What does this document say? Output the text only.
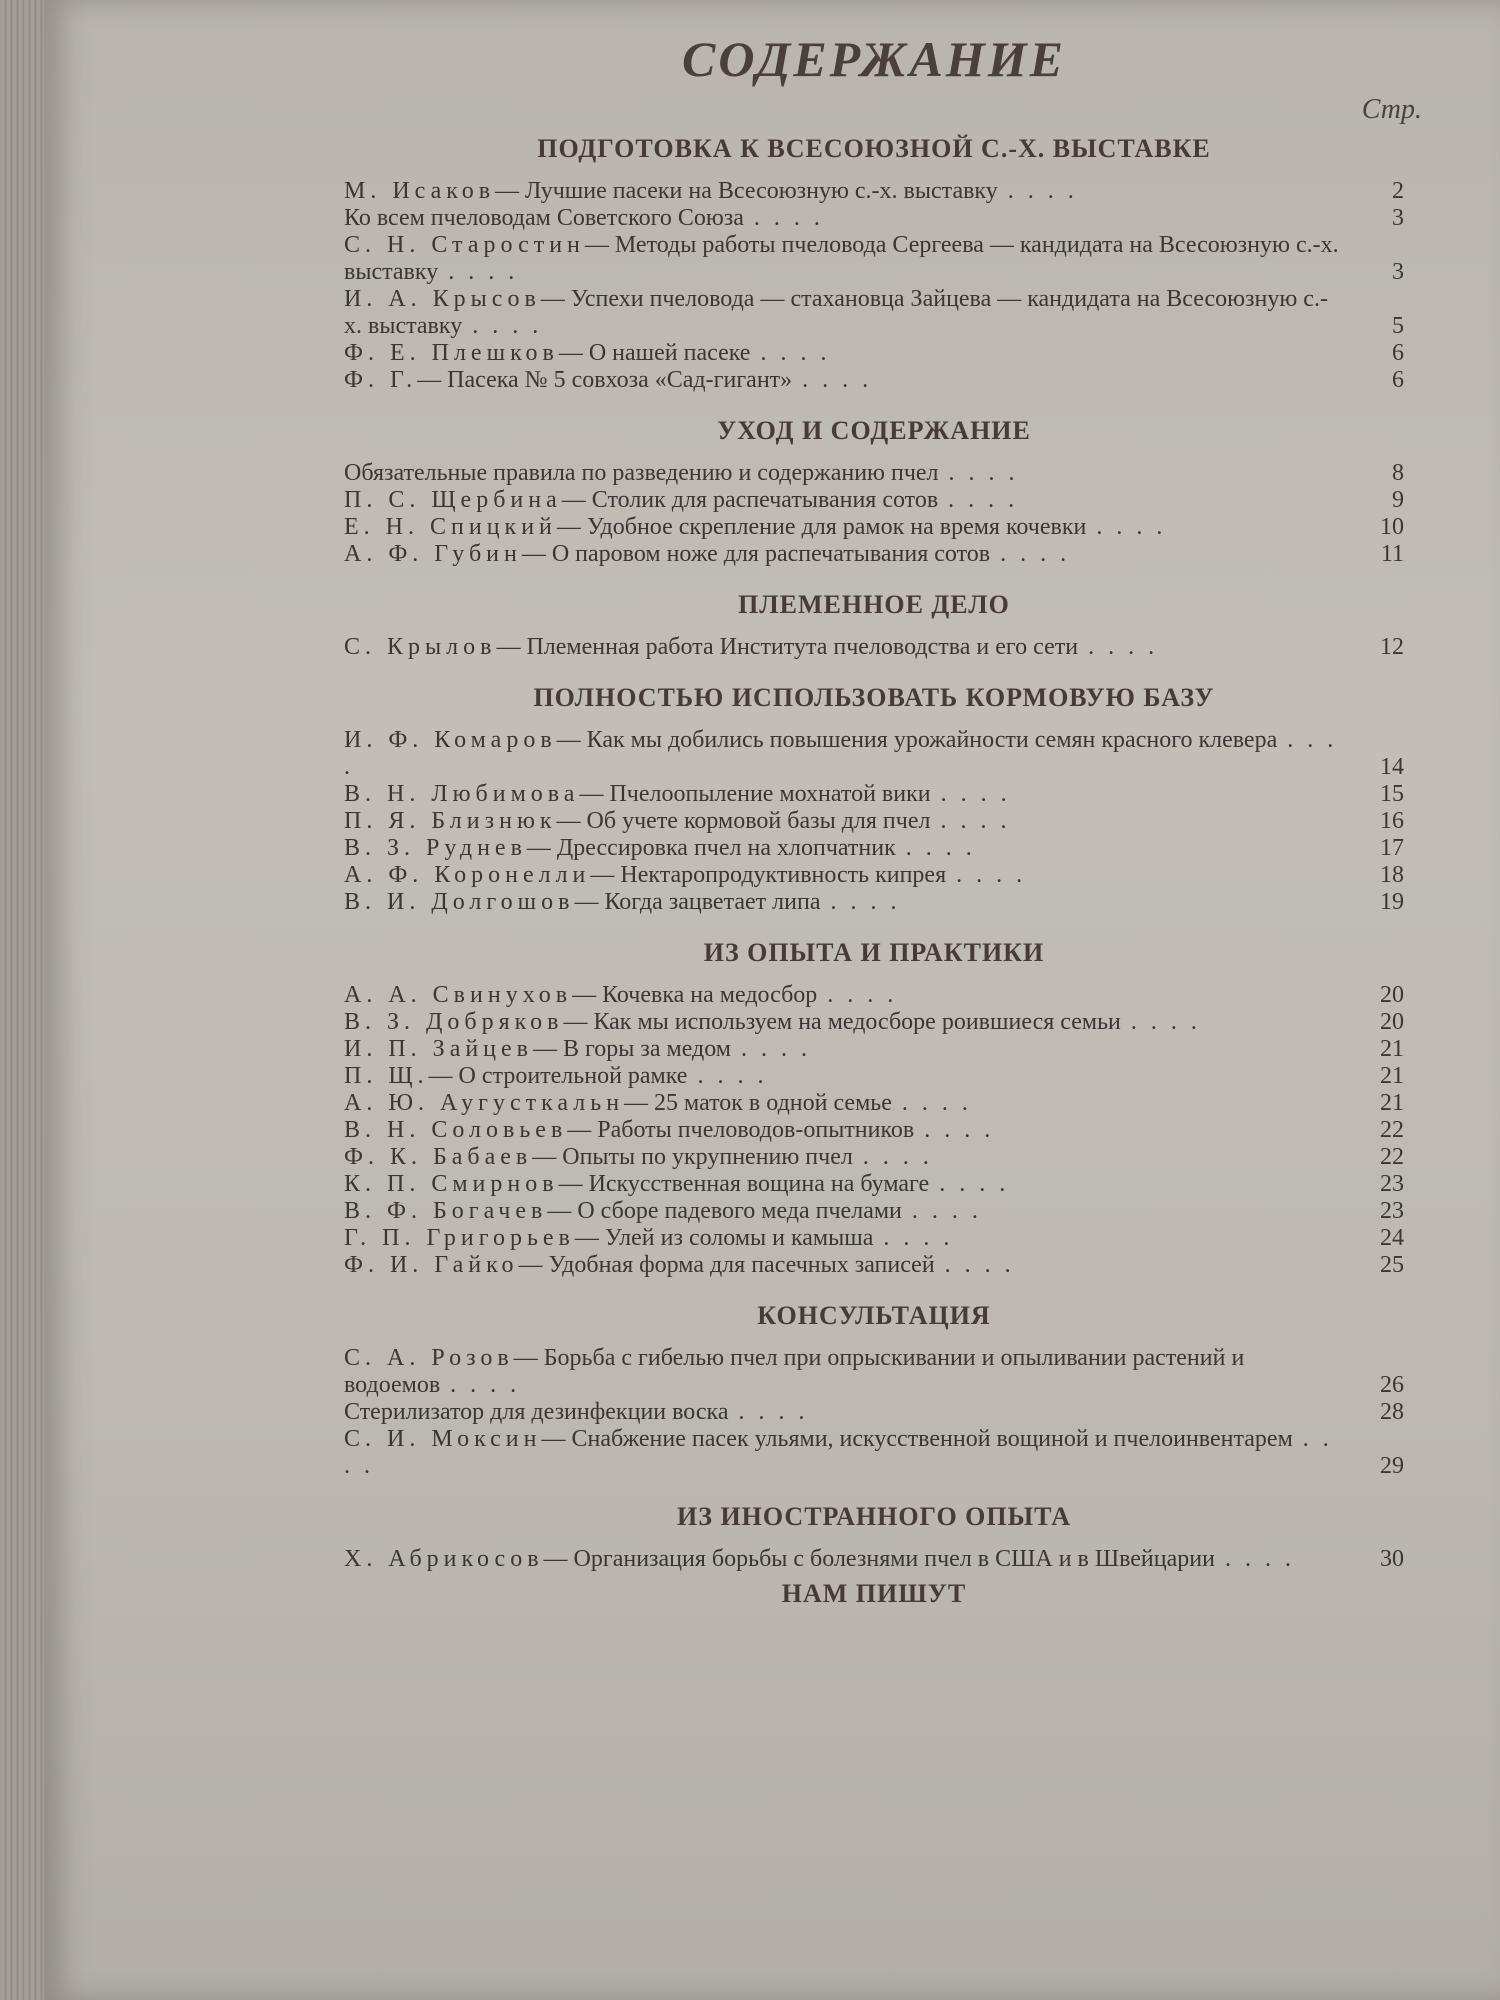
СОДЕРЖАНИЕ
Стр.
ПОДГОТОВКА К ВСЕСОЮЗНОЙ С.-Х. ВЫСТАВКЕ
М. Исаков— Лучшие пасеки на Всесоюзную с.-х. выставку . . . .	2
Ко всем пчеловодам Советского Союза . . . .	3
С. Н. Старостин— Методы работы пчеловода Сергеева — кандидата на Всесоюзную с.-х. выставку . . . .	3
И. А. Крысов— Успехи пчеловода — стахановца Зайцева — кандидата на Всесоюзную с.-х. выставку . . . .	5
Ф. Е. Плешков— О нашей пасеке . . . .	6
Ф. Г.— Пасека № 5 совхоза «Сад-гигант» . . . .	6
УХОД И СОДЕРЖАНИЕ
Обязательные правила по разведению и содержанию пчел . . . .	8
П. С. Щербина— Столик для распечатывания сотов . . . .	9
Е. Н. Спицкий— Удобное скрепление для рамок на время кочевки . . . .	10
А. Ф. Губин— О паровом ноже для распечатывания сотов . . . .	11
ПЛЕМЕННОЕ ДЕЛО
С. Крылов— Племенная работа Института пчеловодства и его сети . . . .	12
ПОЛНОСТЬЮ ИСПОЛЬЗОВАТЬ КОРМОВУЮ БАЗУ
И. Ф. Комаров— Как мы добились повышения урожайности семян красного клевера . . . .	14
В. Н. Любимова— Пчелоопыление мохнатой вики . . . .	15
П. Я. Близнюк— Об учете кормовой базы для пчел . . . .	16
В. З. Руднев— Дрессировка пчел на хлопчатник . . . .	17
А. Ф. Коронелли— Нектаропродуктивность кипрея . . . .	18
В. И. Долгошов— Когда зацветает липа . . . .	19
ИЗ ОПЫТА И ПРАКТИКИ
А. А. Свинухов— Кочевка на медосбор . . . .	20
В. З. Добряков— Как мы используем на медосборе роившиеся семьи . . . .	20
И. П. Зайцев— В горы за медом . . . .	21
П. Щ.— О строительной рамке . . . .	21
А. Ю. Аугусткальн— 25 маток в одной семье . . . .	21
В. Н. Соловьев— Работы пчеловодов-опытников . . . .	22
Ф. К. Бабаев— Опыты по укрупнению пчел . . . .	22
К. П. Смирнов— Искусственная вощина на бумаге . . . .	23
В. Ф. Богачев— О сборе падевого меда пчелами . . . .	23
Г. П. Григорьев— Улей из соломы и камыша . . . .	24
Ф. И. Гайко— Удобная форма для пасечных записей . . . .	25
КОНСУЛЬТАЦИЯ
С. А. Розов— Борьба с гибелью пчел при опрыскивании и опыливании растений и водоемов . . . .	26
Стерилизатор для дезинфекции воска . . . .	28
С. И. Моксин— Снабжение пасек ульями, искусственной вощиной и пчелоинвентарем . . . .	29
ИЗ ИНОСТРАННОГО ОПЫТА
Х. Абрикосов— Организация борьбы с болезнями пчел в США и в Швейцарии . . . .	30
НАМ ПИШУТ
